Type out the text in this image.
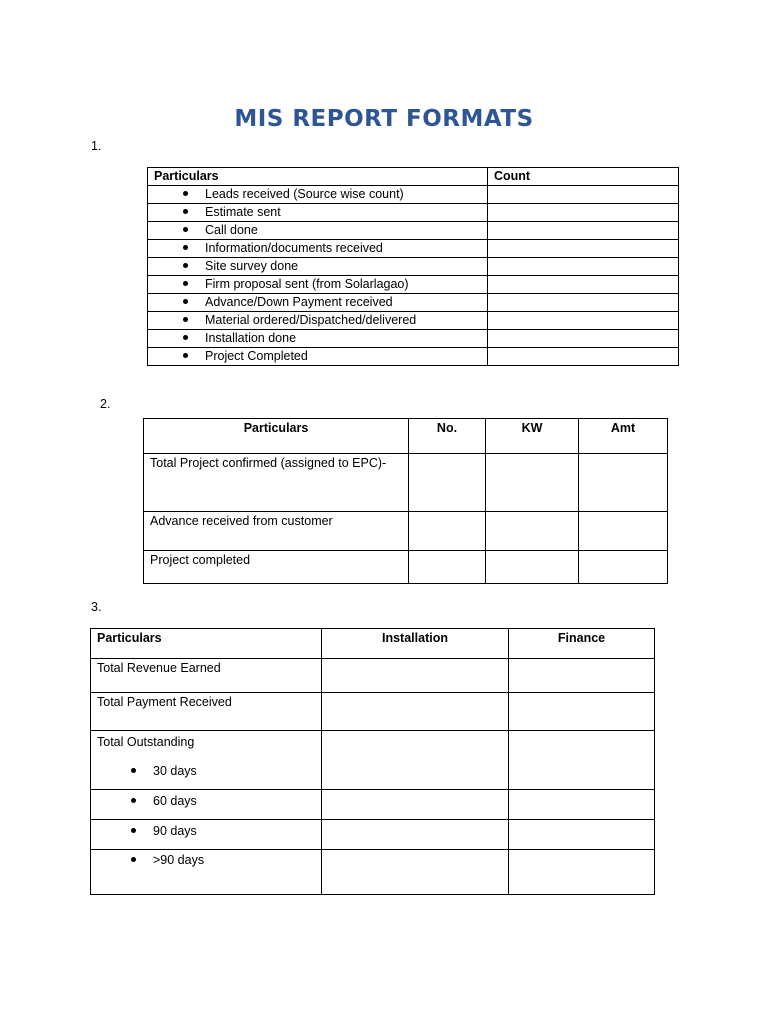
MIS REPORT FORMATS
1.
Particulars	Count
Leads received (Source wise count)	
Estimate sent	
Call done	
Information/documents received	
Site survey done	
Firm proposal sent (from Solarlagao)	
Advance/Down Payment received	
Material ordered/Dispatched/delivered	
Installation done	
Project Completed	
2.
Particulars	No.	KW	Amt
Total Project confirmed (assigned to EPC)-			
Advance received from customer			
Project completed			
3.
Particulars	Installation	Finance
Total Revenue Earned		
Total Payment Received		

Total Outstanding
30 days		

60 days		

90 days		

>90 days		
